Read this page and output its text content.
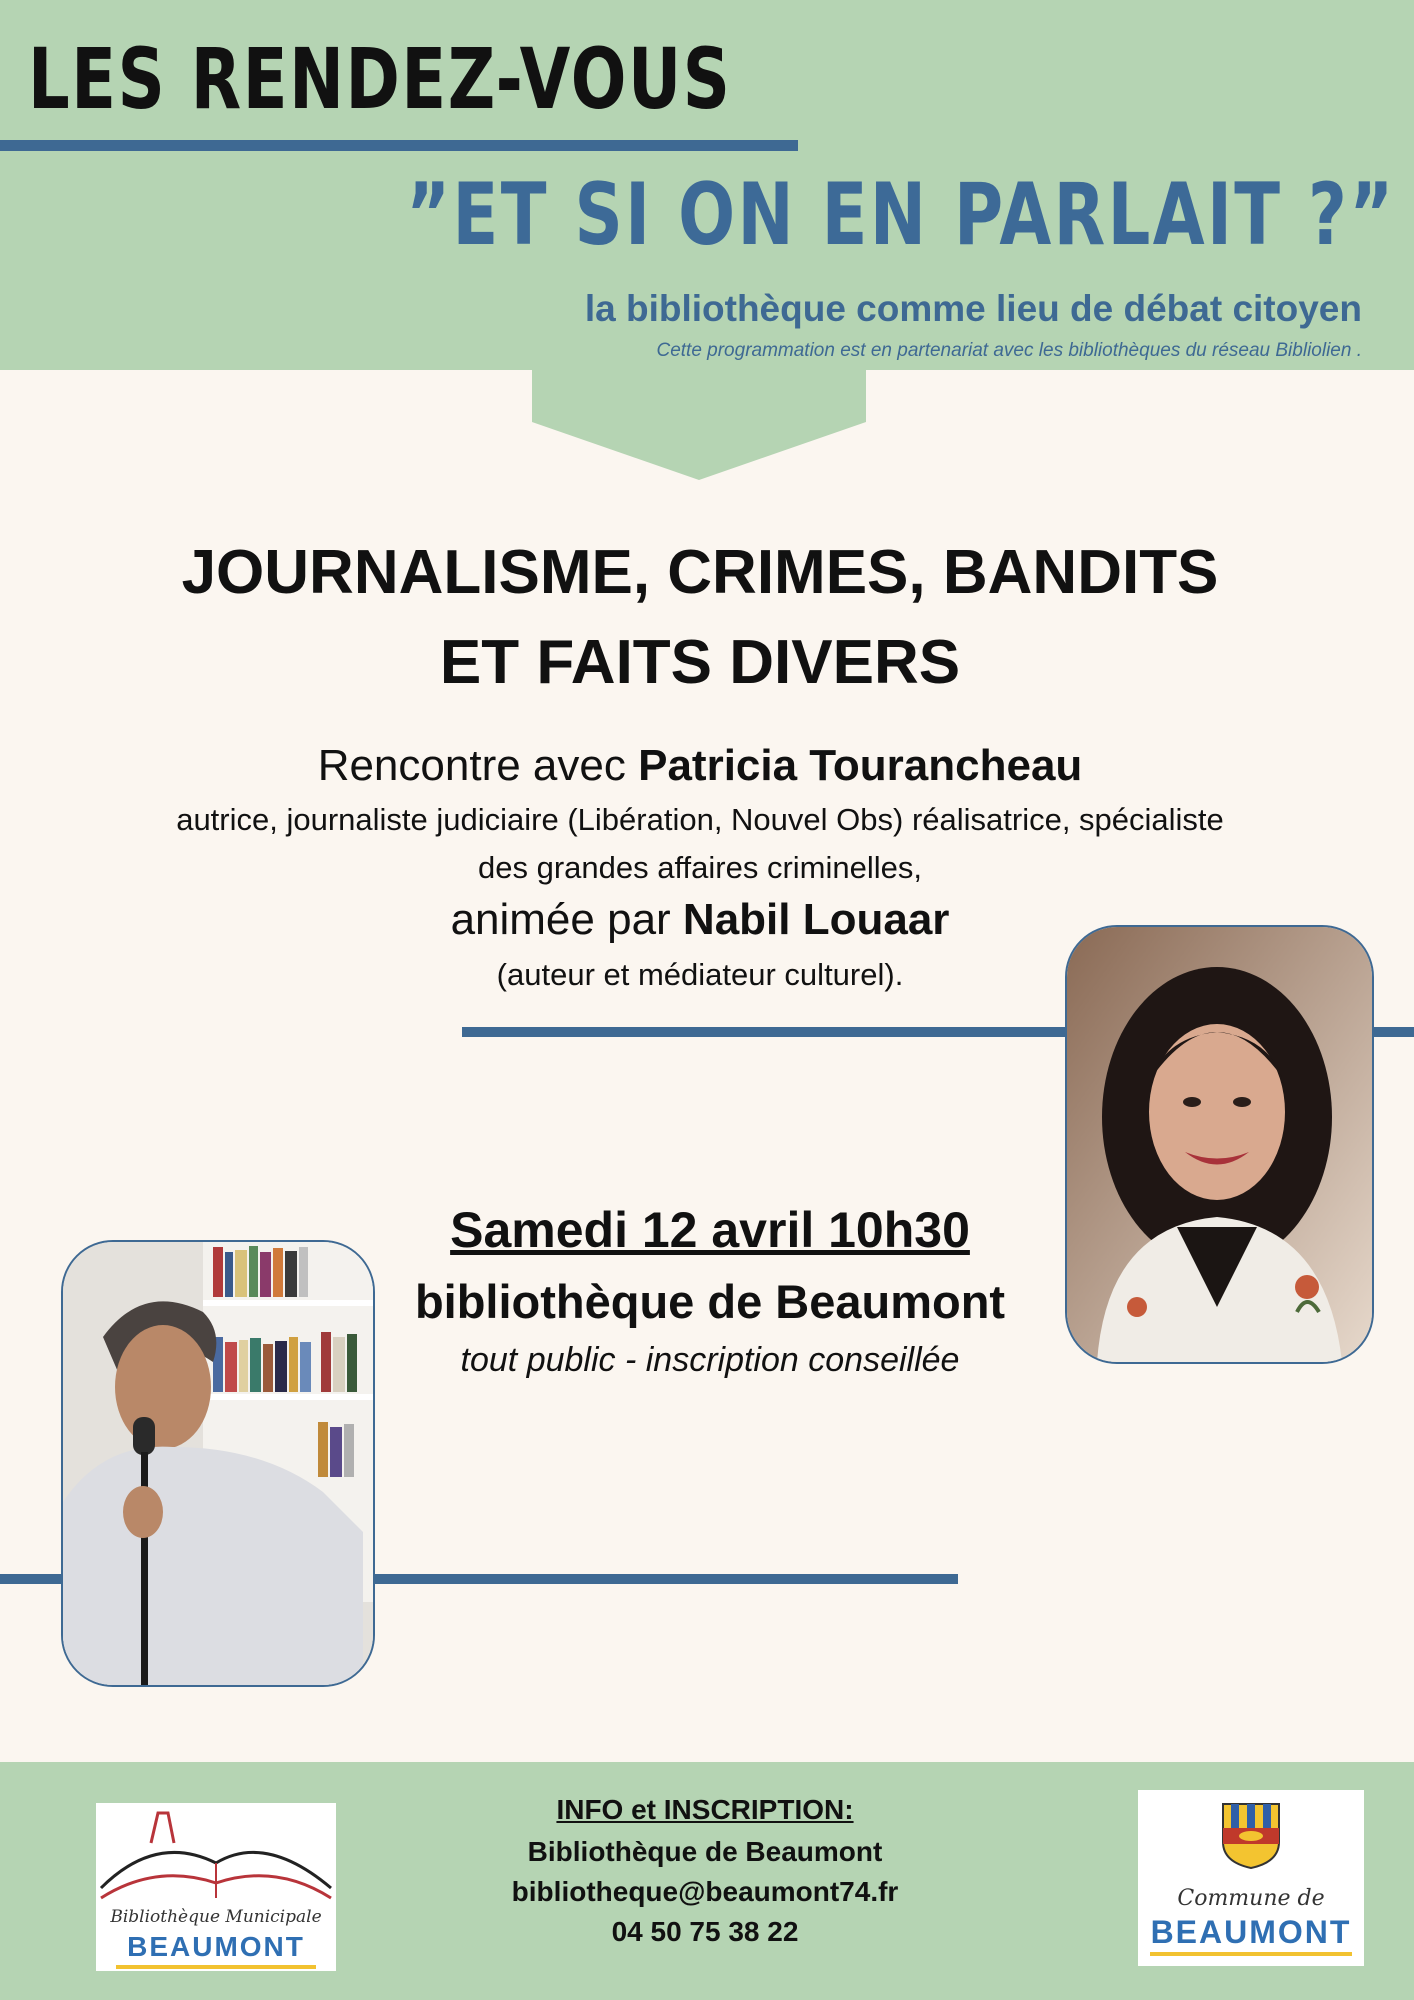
LES RENDEZ-VOUS
”ET SI ON EN PARLAIT ?”
la bibliothèque comme lieu de débat citoyen
Cette programmation est en partenariat avec les bibliothèques du réseau Bibliolien .
JOURNALISME, CRIMES, BANDITS
ET FAITS DIVERS
Rencontre avec Patricia Tourancheau
autrice, journaliste judiciaire (Libération, Nouvel Obs) réalisatrice, spécialiste
des grandes affaires criminelles,
animée par Nabil Louaar
(auteur et médiateur culturel).
Samedi 12 avril 10h30
bibliothèque de Beaumont
tout public - inscription conseillée
Bibliothèque Municipale
BEAUMONT
INFO et INSCRIPTION:
Bibliothèque de Beaumont
bibliotheque@beaumont74.fr
04 50 75 38 22
Commune de
BEAUMONT
